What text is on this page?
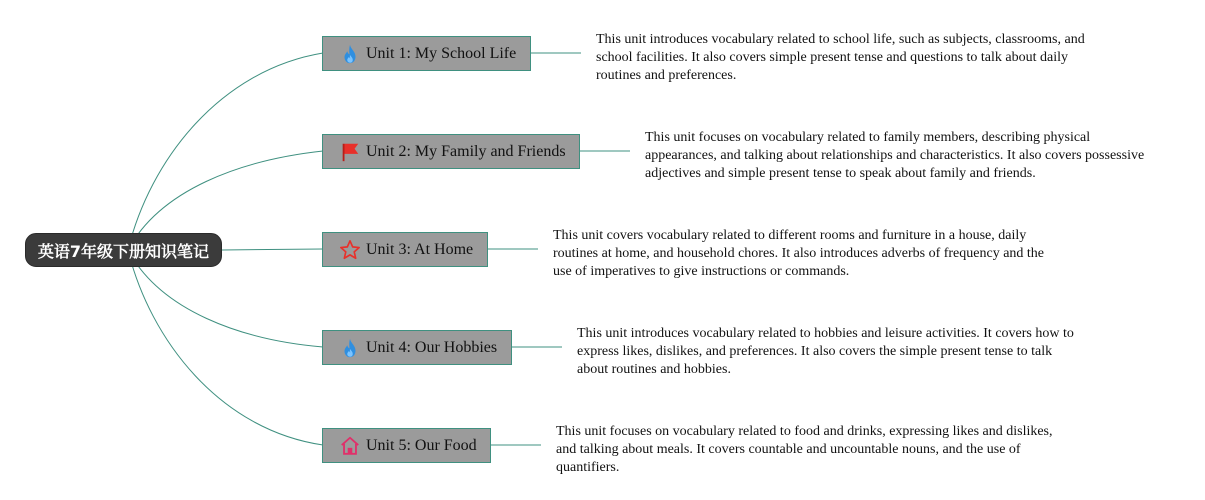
英语7年级下册知识笔记
Unit 1: My School Life
This unit introduces vocabulary related to school life, such as subjects, classrooms, and school facilities. It also covers simple present tense and questions to talk about daily routines and preferences.
Unit 2: My Family and Friends
This unit focuses on vocabulary related to family members, describing physical appearances, and talking about relationships and characteristics. It also covers possessive adjectives and simple present tense to speak about family and friends.
Unit 3: At Home
This unit covers vocabulary related to different rooms and furniture in a house, daily routines at home, and household chores. It also introduces adverbs of frequency and the use of imperatives to give instructions or commands.
Unit 4: Our Hobbies
This unit introduces vocabulary related to hobbies and leisure activities. It covers how to express likes, dislikes, and preferences. It also covers the simple present tense to talk about routines and hobbies.
Unit 5: Our Food
This unit focuses on vocabulary related to food and drinks, expressing likes and dislikes, and talking about meals. It covers countable and uncountable nouns, and the use of quantifiers.
